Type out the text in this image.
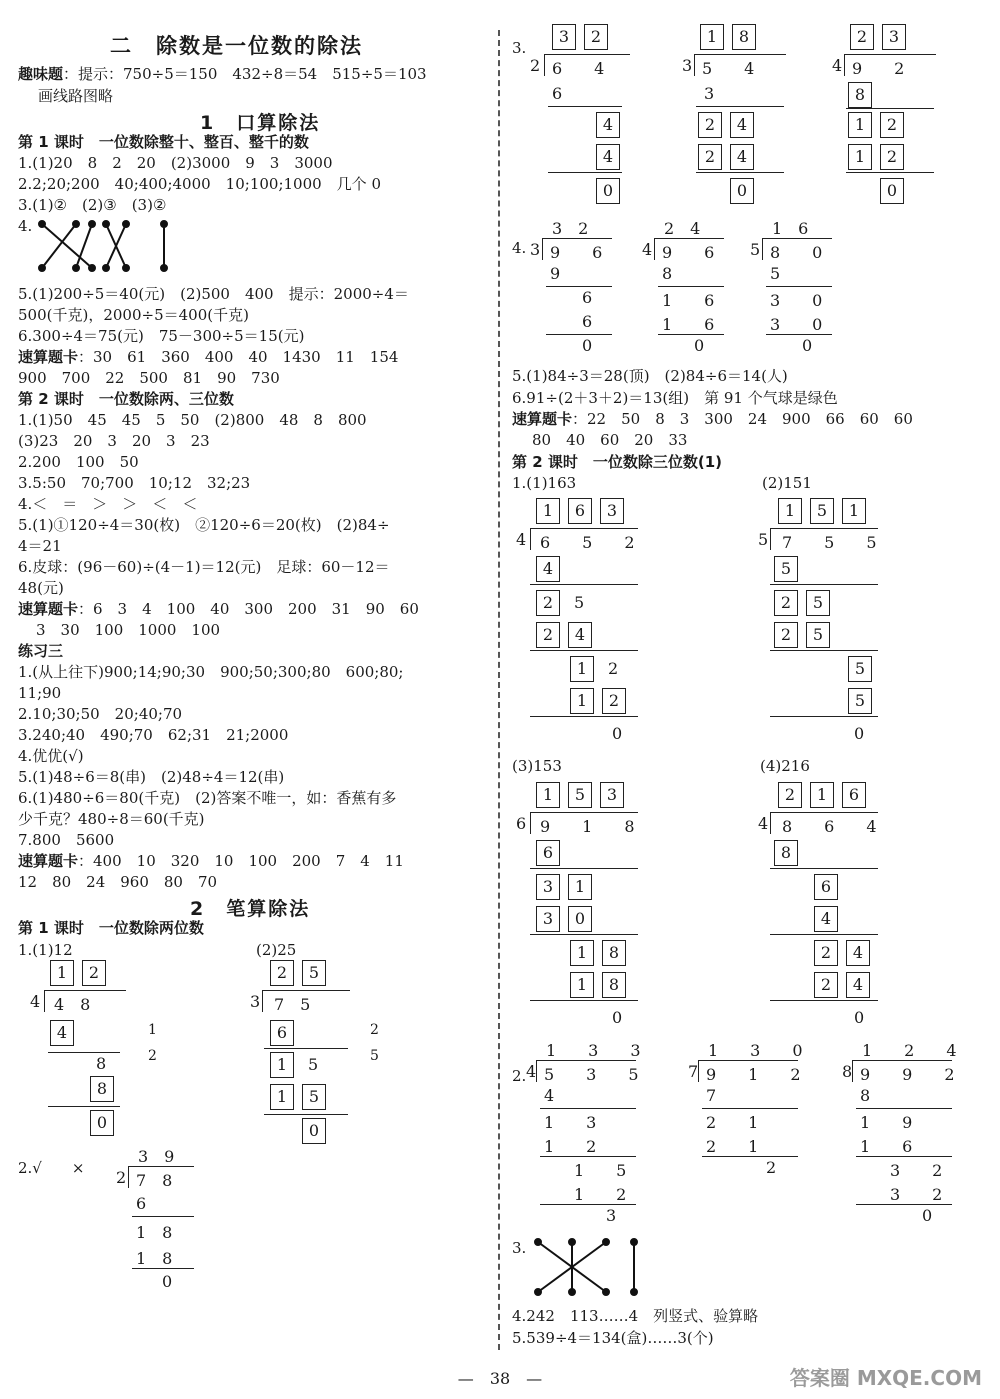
二　除数是一位数的除法
趣味题：提示：750÷5＝150　432÷8＝54　515÷5＝103
画线路图略
1　口算除法
第 1 课时　一位数除整十、整百、整千的数
1.(1)20　8　2　20　(2)3000　9　3　3000
2.2;20;200　40;400;4000　10;100;1000　几个 0
3.(1)②　(2)③　(3)②
4.
5.(1)200÷5＝40(元)　(2)500　400　提示：2000÷4＝
500(千克)，2000÷5＝400(千克)
6.300÷4＝75(元)　75－300÷5＝15(元)
速算题卡：30　61　360　400　40　1430　11　154
900　700　22　500　81　90　730
第 2 课时　一位数除两、三位数
1.(1)50　45　45　5　50　(2)800　48　8　800
(3)23　20　3　20　3　23
2.200　100　50
3.5:50　70;700　10;12　32;23
4.＜　＝　＞　＞　＜　＜
5.(1)①120÷4＝30(枚)　②120÷6＝20(枚)　(2)84÷
4＝21
6.皮球：(96－60)÷(4－1)＝12(元)　足球：60－12＝
48(元)
速算题卡：6　3　4　100　40　300　200　31　90　60
3　30　100　1000　100
练习三
1.(从上往下)900;14;90;30　900;50;300;80　600;80;
11;90
2.10;30;50　20;40;70
3.240;40　490;70　62;31　21;2000
4.优优(√)
5.(1)48÷6＝8(串)　(2)48÷4＝12(串)
6.(1)480÷6＝80(千克)　(2)答案不唯一，如：香蕉有多
少千克？480÷8＝60(千克)
7.800　5600
速算题卡：400　10　320　10　100　200　7　4　11
12　80　24　960　80　70
2　笔算除法
第 1 课时　一位数除两位数
1.(1)12	(2)25
1 2
4 4　8
4	1
8	2
8
0
2 5
3 7　5
6	2
1 5	5
1 5
0
2.√　　×
3　9
2 7　8
6
1　8
1　8
0
3.
3 2
2 6　　4
6
4
4
0
1 8
3 5　　4
3
2 4
2 4
0
2 3
4 9　　2
8
1 2
1 2
0
4.
3　2
3 9　　6
9
6
6
0
2　4
4 9　　6
8
1　　6
1　　6
0
1　6
5 8　　0
5
3　　0
3　　0
0
5.(1)84÷3＝28(顶)　(2)84÷6＝14(人)
6.91÷(2＋3＋2)＝13(组)　第 91 个气球是绿色
速算题卡：22　50　8　3　300　24　900　66　60　60
80　40　60　20　33
第 2 课时　一位数除三位数(1)
1.(1)163	(2)151
1 6 3
4 6　　5　　2
4
2 5
2 4
1 2
1 2
0
1 5 1
5 7　　5　　5
5
2 5
2 5
5
5
0
(3)153	(4)216
1 5 3
6 9　　1　　8
6
3 1
3 0
1 8
1 8
0
2 1 6
4 8　　6　　4
8
6
4
2 4
2 4
0
2.
1　　3　　3
4 5　　3　　5
4
1　　3
1　　2
1　　5
1　　2
3
1　　3　　0
7 9　　1　　2
7
2　　1
2　　1
2
1　　2　　4
8 9　　9　　2
8
1　　9
1　　6
3　　2
3　　2
0
3.
4.242　113……4　列竖式、验算略
5.539÷4＝134(盒)……3(个)
—　38　—	答案圈 MXQE.COM
